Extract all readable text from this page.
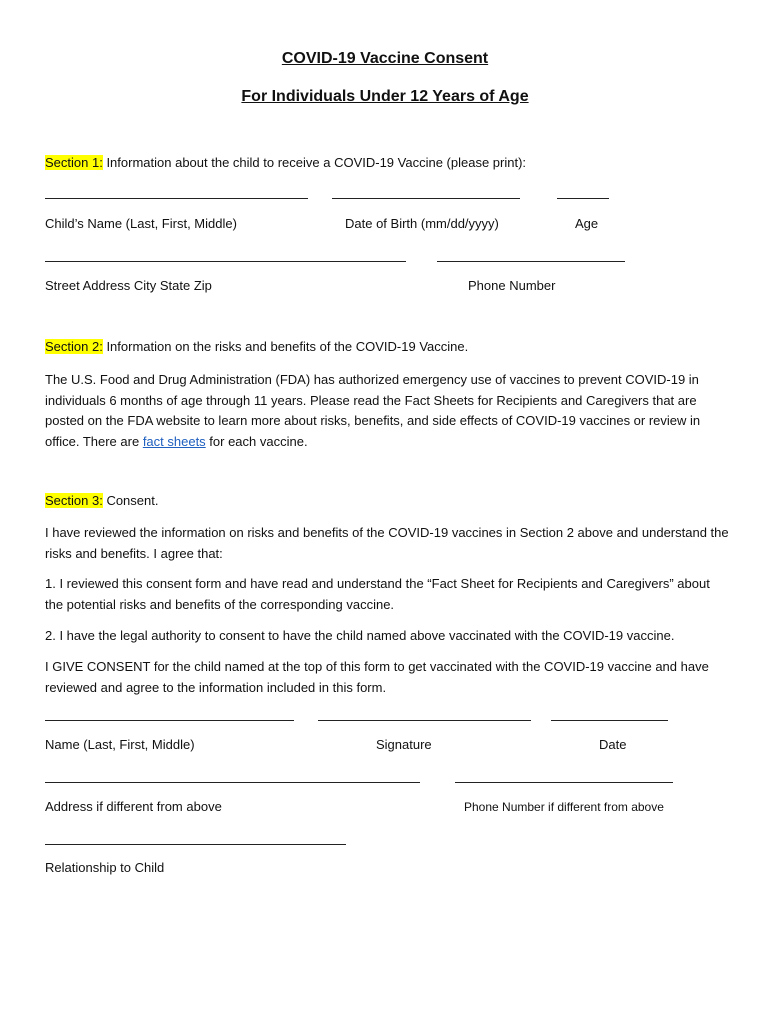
COVID-19 Vaccine Consent
For Individuals Under 12 Years of Age
Section 1: Information about the child to receive a COVID-19 Vaccine (please print):
Child’s Name (Last, First, Middle)	Date of Birth (mm/dd/yyyy)	Age
Street Address City State Zip	Phone Number
Section 2: Information on the risks and benefits of the COVID-19 Vaccine.
The U.S. Food and Drug Administration (FDA) has authorized emergency use of vaccines to prevent COVID-19 in individuals 6 months of age through 11 years. Please read the Fact Sheets for Recipients and Caregivers that are posted on the FDA website to learn more about risks, benefits, and side effects of COVID-19 vaccines or review in office. There are fact sheets for each vaccine.
Section 3: Consent.
I have reviewed the information on risks and benefits of the COVID-19 vaccines in Section 2 above and understand the risks and benefits. I agree that:
1. I reviewed this consent form and have read and understand the “Fact Sheet for Recipients and Caregivers” about the potential risks and benefits of the corresponding vaccine.
2. I have the legal authority to consent to have the child named above vaccinated with the COVID-19 vaccine.
I GIVE CONSENT for the child named at the top of this form to get vaccinated with the COVID-19 vaccine and have reviewed and agree to the information included in this form.
Name (Last, First, Middle)	Signature	Date
Address if different from above	Phone Number if different from above
Relationship to Child
